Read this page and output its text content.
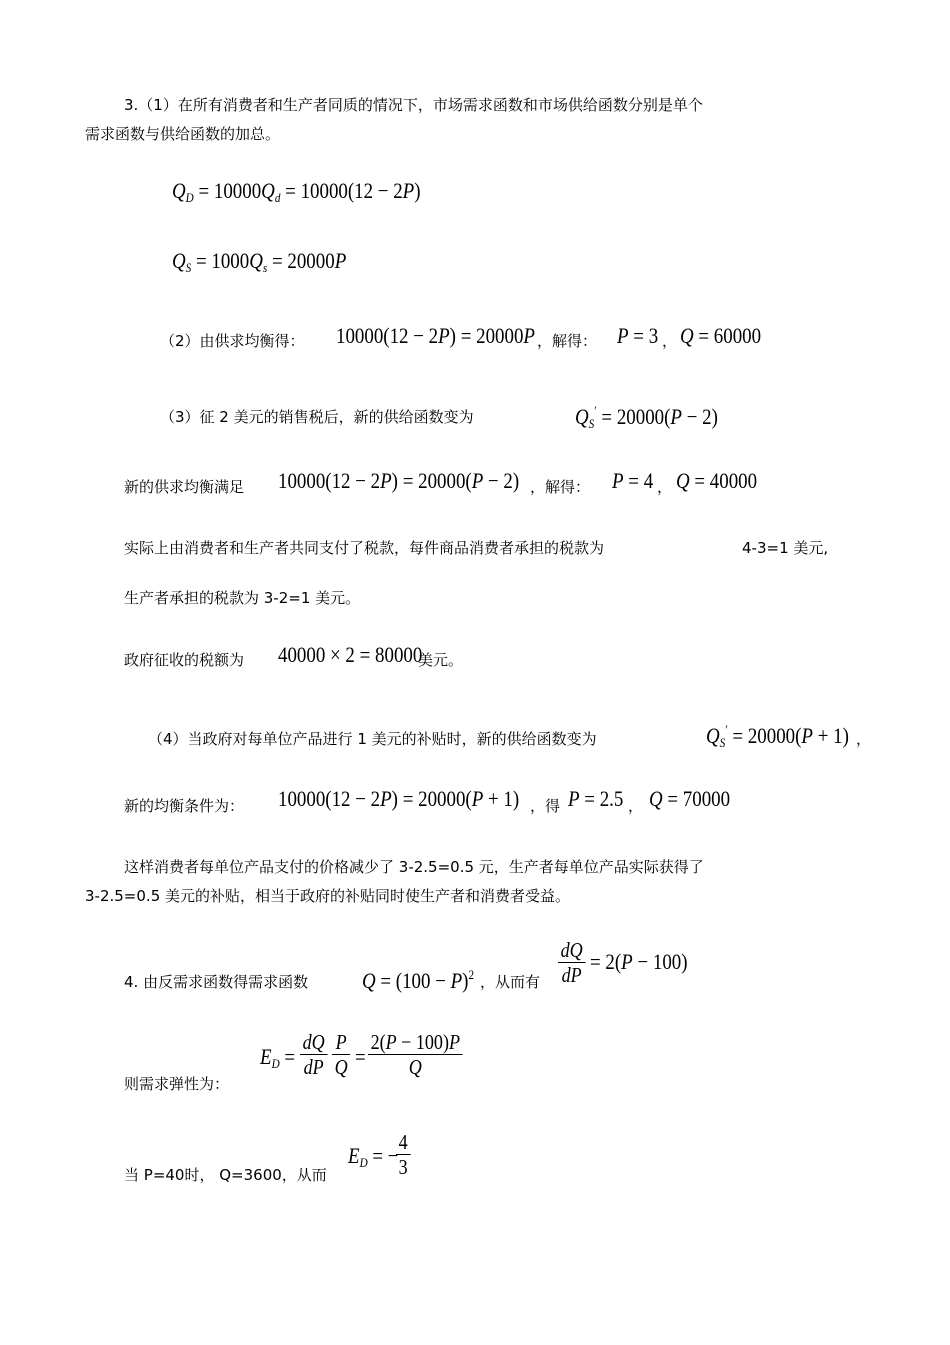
3.（1）在所有消费者和生产者同质的情况下，市场需求函数和市场供给函数分别是单个
需求函数与供给函数的加总。
$Q_D = 10000Q_d = 10000(12 - 2P)$
$Q_S = 1000Q_s = 20000P$
（2）由供求均衡得： 10000(12 − 2P) = 20000P ，解得： P = 3 ， Q = 60000
（3）征 2 美元的销售税后，新的供给函数变为	$Q_S' = 20000(P - 2)$
新的供求均衡满足 10000(12 − 2P) = 20000(P − 2) ，解得： P = 4 ， Q = 40000
实际上由消费者和生产者共同支付了税款，每件商品消费者承担的税款为	4-3=1 美元,
生产者承担的税款为 3-2=1 美元。
政府征收的税额为 40000 × 2 = 80000
美元。
（4）当政府对每单位产品进行 1 美元的补贴时，新的供给函数变为	$Q_S' = 20000(P + 1)$ ，
新的均衡条件为： 10000(12 − 2P) = 20000(P + 1) ，得 P = 2.5 ， Q = 70000
这样消费者每单位产品支付的价格减少了 3-2.5=0.5 元，生产者每单位产品实际获得了
3-2.5=0.5 美元的补贴，相当于政府的补贴同时使生产者和消费者受益。
4. 由反需求函数得需求函数 $Q = (100 - P)^2$ ，从而有 $\frac{dQ}{dP} = 2(P - 100)$
则需求弹性为：
$E_D = \frac{dQ}{dP} \frac{P}{Q} = \frac{2(P - 100)P}{Q}$
当 P=40时， Q=3600，从而
$E_D$ = −
$\frac{4}{3}$
